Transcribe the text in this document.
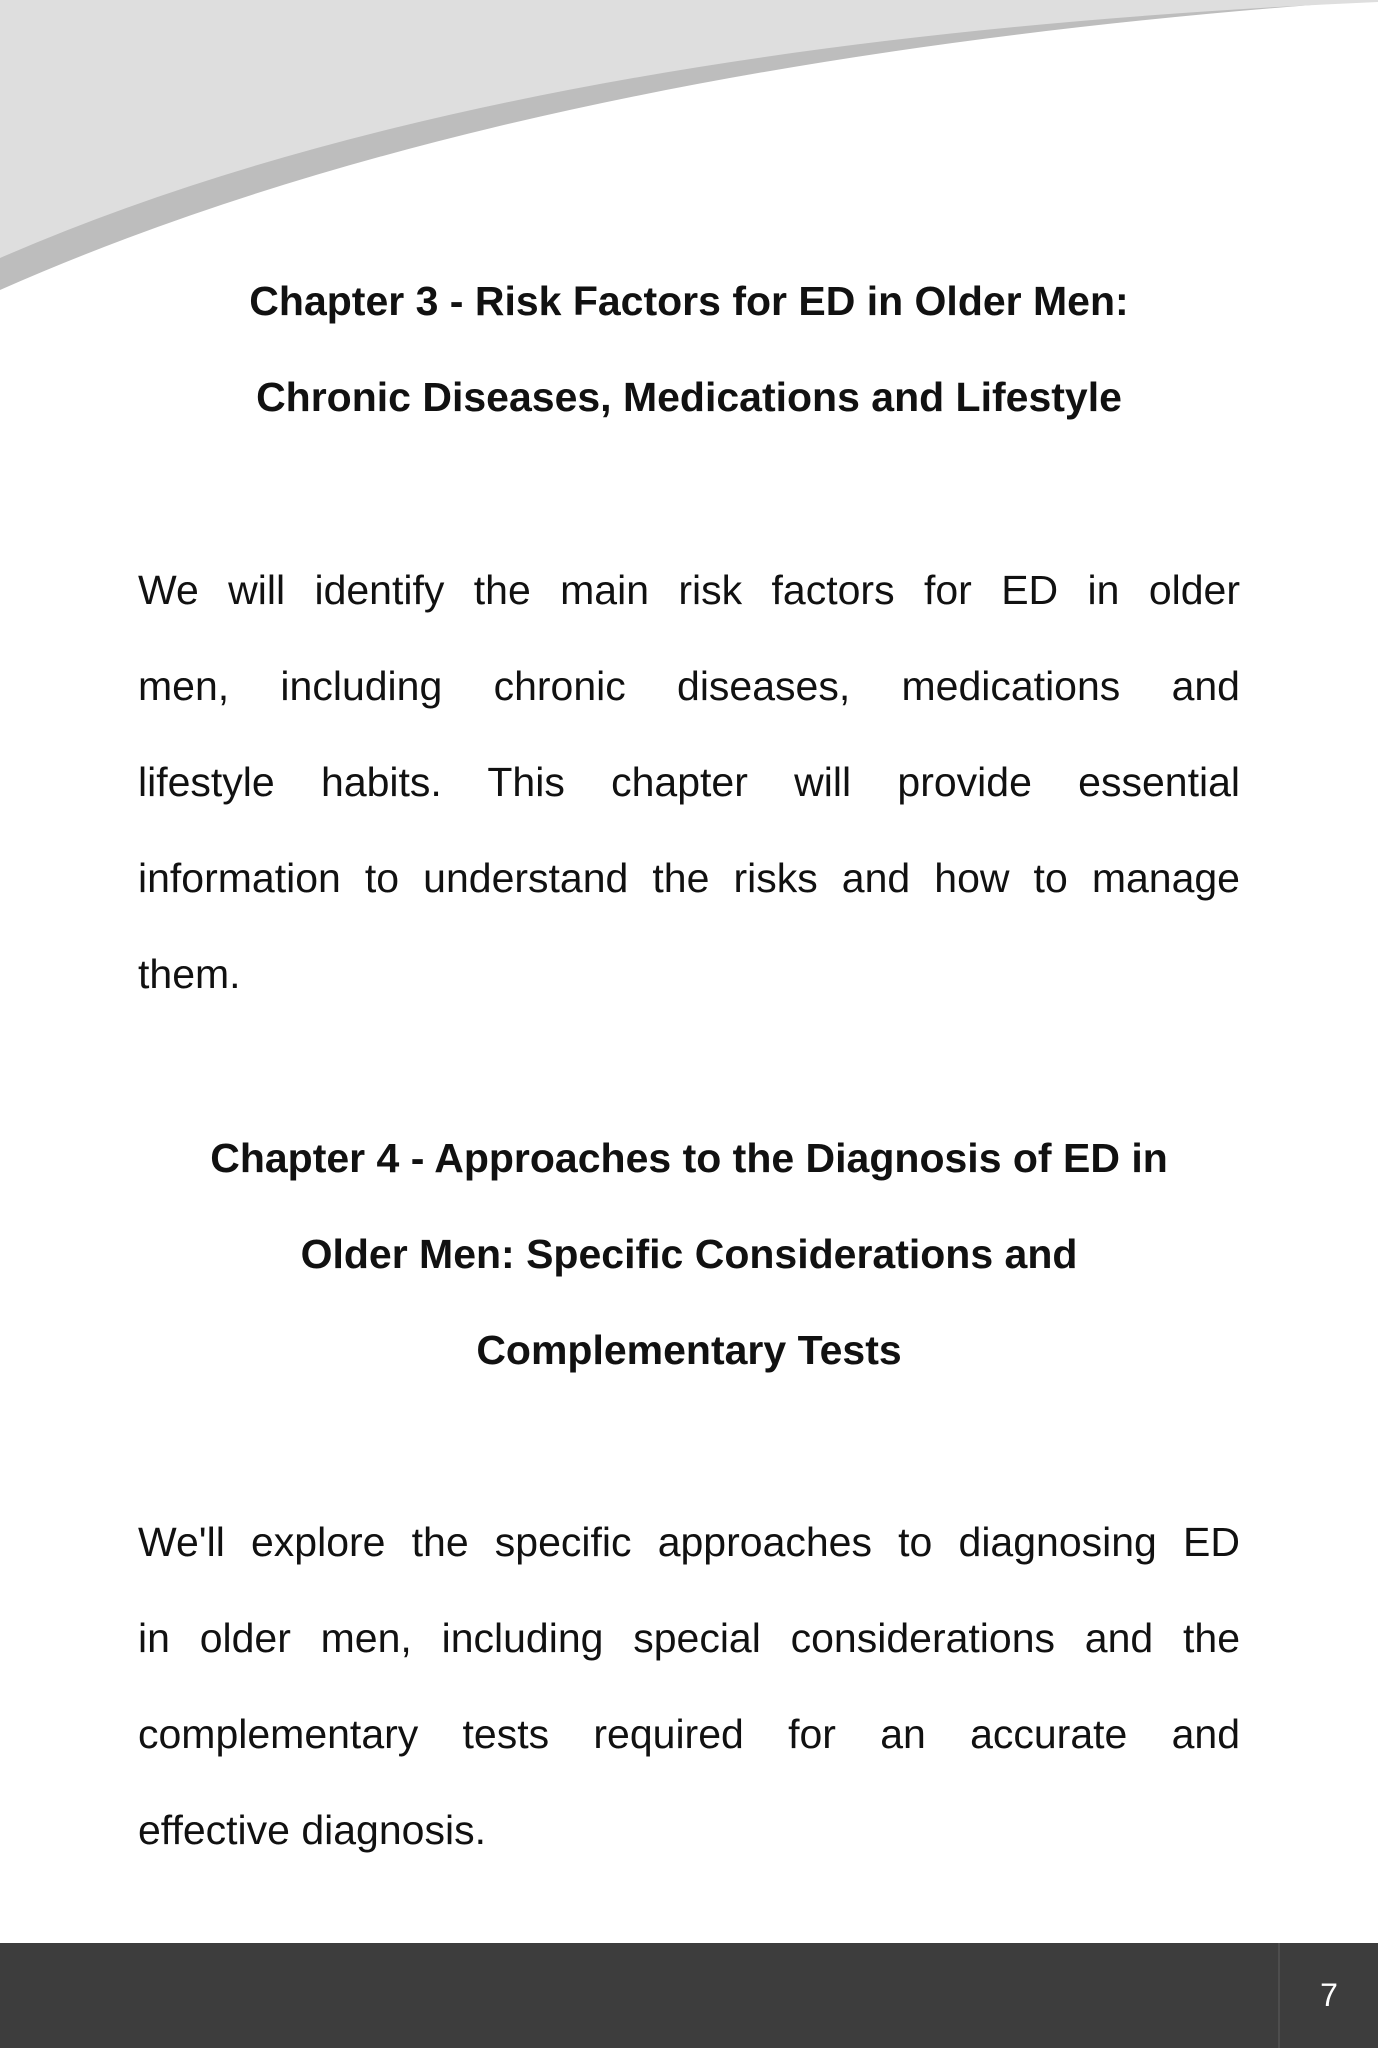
Chapter 3 - Risk Factors for ED in Older Men:
Chronic Diseases, Medications and Lifestyle

We will identify the main risk factors for ED in older
men, including chronic diseases, medications and
lifestyle habits. This chapter will provide essential
information to understand the risks and how to manage
them.

Chapter 4 - Approaches to the Diagnosis of ED in
Older Men: Specific Considerations and
Complementary Tests

We'll explore the specific approaches to diagnosing ED
in older men, including special considerations and the
complementary tests required for an accurate and
effective diagnosis.

7
